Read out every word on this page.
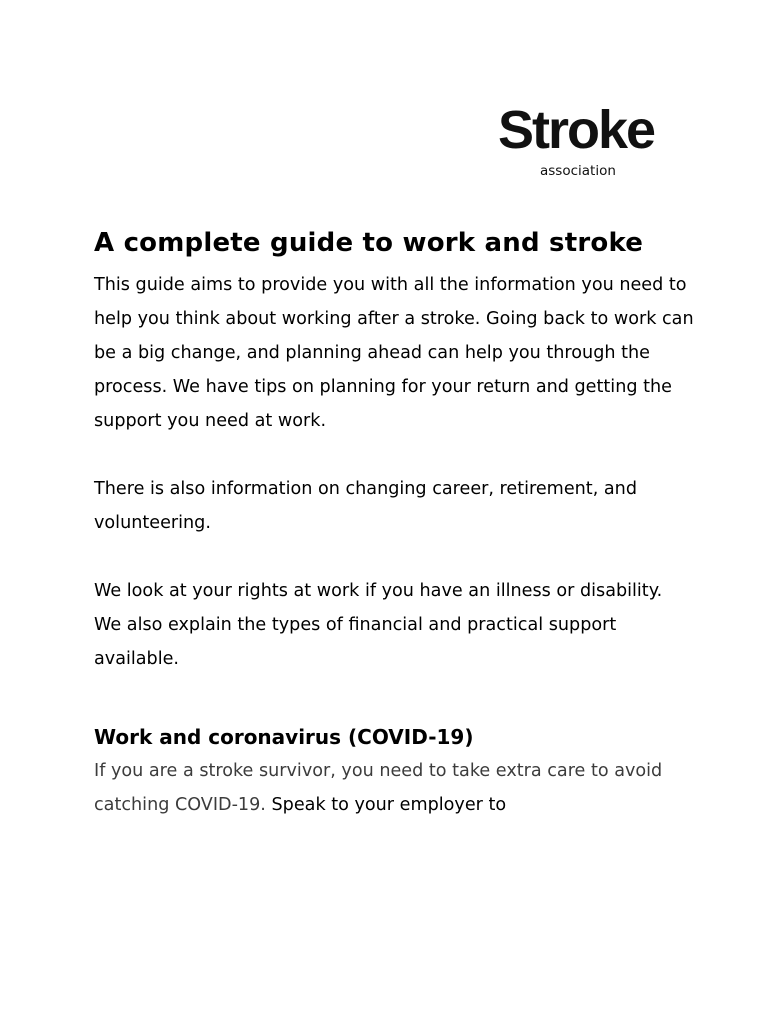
Stroke
association
A complete guide to work and stroke

This guide aims to provide you with all the information you need to help you think about working after a stroke. Going back to work can be a big change, and planning ahead can help you through the process. We have tips on planning for your return and getting the support you need at work.

There is also information on changing career, retirement, and volunteering.

We look at your rights at work if you have an illness or disability. We also explain the types of financial and practical support available.

Work and coronavirus (COVID-19)

If you are a stroke survivor, you need to take extra care to avoid catching COVID-19. Speak to your employer to
